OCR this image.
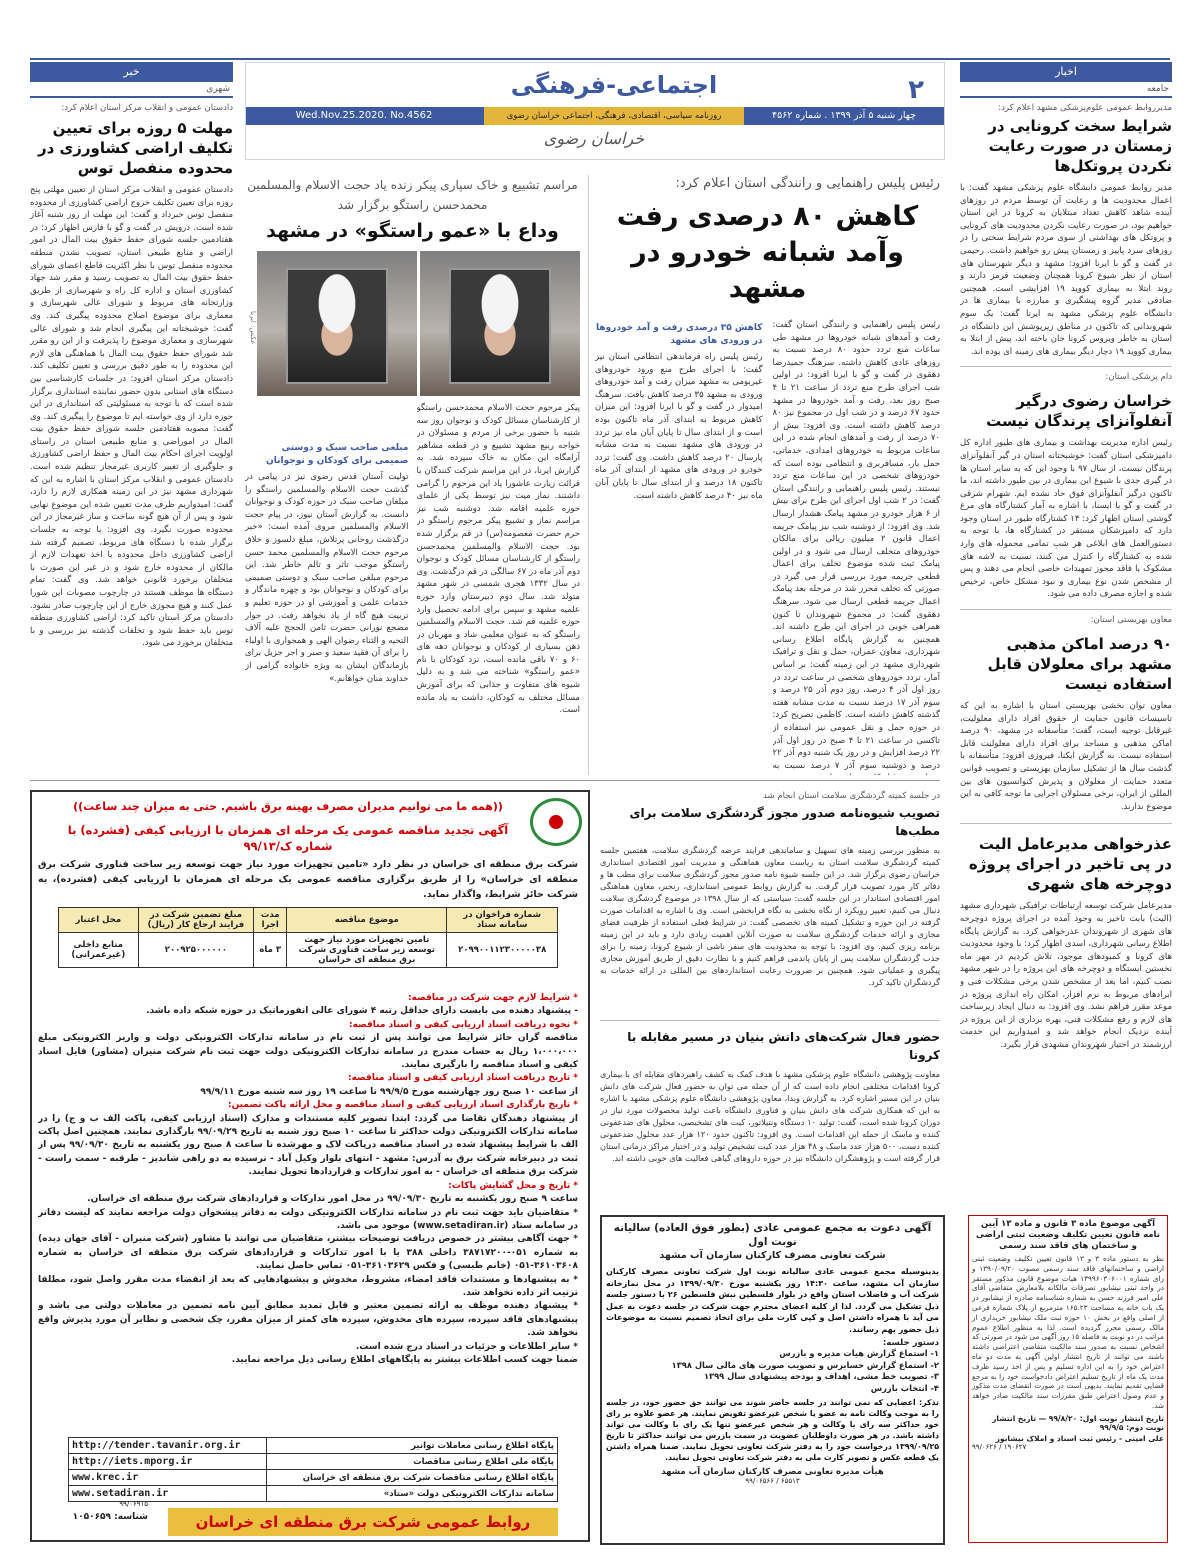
۲
اجتماعی-فرهنگی
چهار شنبه ۵ آذر ۱۳۹۹ . شماره ۴۵۶۲
روزنامه سیاسی، اقتصادی، فرهنگی، اجتماعی خراسان رضوی
Wed.Nov.25.2020. No.4562
خراسان رضوی
اخبار
جامعه
مدیرروابط عمومی علوم‌پزشکی مشهد اعلام کرد:
شرایط سخت کرونایی در زمستان در صورت رعایت نکردن پروتکل‌ها
مدیر روابط عمومی دانشگاه علوم پزشکی مشهد گفت: با اعمال محدودیت ها و رعایت آن توسط مردم در روزهای آینده شاهد کاهش تعداد مبتلایان به کرونا در این استان خواهیم بود، در صورت رعایت نکردن محدودیت های کرونایی و پروتکل های بهداشتی از سوی مردم شرایط سختی را در روزهای سرد پاییز و زمستان پیش رو خواهیم داشت. رحیمی در گفت و گو با ایرنا افزود: مشهد و دیگر شهرستان های استان از نظر شیوع کرونا همچنان وضعیت قرمز دارند و روند ابتلا به بیماری کووید ۱۹ افزایشی است. همچنین ضادقی مدیر گروه پیشگیری و مبارزه با بیماری ها در دانشگاه علوم پزشکی مشهد به ایرنا گفت: یک سوم شهروندانی که تاکنون در مناطق زیرپوشش این دانشگاه در استان به خاطر ویروس کرونا جان باخته اند، پیش از ابتلا به بیماری کووید ۱۹ دچار دیگر بیماری های زمینه ای بوده اند.
دام پزشکی استان:
خراسان رضوی درگیر آنفلوآنزای پرندگان نیست
رئیس اداره مدیریت بهداشت و بیماری های طیور اداره کل دامپزشکی استان گفت: خوشبختانه استان در گیر آنفلوآنزای پرندگان نیست، از سال ۹۷ با وجود این که به سایر استان ها در گیری جدی با شیوع این بیماری در بین طیور داشته اند، ما تاکنون درگیر آنفلوآنزای فوق حاد نشده ایم. شهرام شرقی در گفت و گو با ایسنا، با اشاره به آمار کشتارگاه های مرغ گوشتی استان اظهار کرد: ۱۴ کشتارگاه طیور در استان وجود دارد که دامپزشکان مستقر در کشتارگاه ها، با توجه به دستورالعمل های ابلاغی هر شب تمامی محموله های وارد شده به کشتارگاه را کنترل می کنند، نسبت به لاشه های مشکوک یا فاقد مجوز تمهیدات خاصی انجام می دهند و پس از مشخص شدن نوع بیماری و نبود مشکل خاص، ترخیص شده و اجازه مصرف داده می شود.
معاون بهزیستی استان:
۹۰ درصد اماکن مذهبی مشهد برای معلولان قابل استفاده نیست
معاون توان بخشی بهزیستی استان با اشاره به این که تاسیسات قانون حمایت از حقوق افراد دارای معلولیت، غیرقابل توجیه است، گفت: متأسفانه در مشهد، ۹۰ درصد اماکن مذهبی و مساجد برای افراد دارای معلولیت قابل استفاده نیست. به گزارش ایکنا، فیروزی افزود: متأسفانه با گذشت سال ها از تشکیل سازمان بهزیستی و تصویب قوانین متعدد حمایت از معلولان و پذیرش کنوانسیون های بین المللی از ایران، برخی مسئولان اجرایی ما توجه کافی به این موضوع ندارند.
عذرخواهی مدیرعامل الیت در پی تاخیر در اجرای پروژه دوچرخه های شهری
مدیرعامل شرکت توسعه ارتباطات ترافیکی شهرداری مشهد (الیت) بابت تاخیر به وجود آمده در اجرای پروژه دوچرخه های شهری از شهروندان عذرخواهی کرد. به گزارش پایگاه اطلاع رسانی شهرداری، اسدی اظهار کرد: با وجود محدودیت های کرونا و کمبودهای موجود، تلاش کردیم در مهر ماه نخستین ایستگاه و دوچرخه های این پروژه را در شهر مشهد نصب کنیم، اما بعد از مشخص شدن برخی مشکلات فنی و ایرادهای مربوط به نرم افزار، امکان راه اندازی پروژه در موعد مقرر فراهم نشد. وی افزود: به دنبال ایجاد زیرساخت های لازم و رفع مشکلات فنی، بهره برداری از این پروژه در آینده نزدیک انجام خواهد شد و امیدواریم این خدمت ارزشمند در اختیار شهروندان مشهدی قرار بگیرد.
آگهی موضوع ماده ۳ قانون و ماده ۱۳ آیین نامه قانون تعیین تکلیف وضعیت ثبتی اراضی و ساختمان های فاقد سند رسمی
نظر به دستور ماده ۳ و ۱۳ قانون تعیین تکلیف وضعیت ثبتی اراضی و ساختمانهای فاقد سند رسمی مصوب ۱۳۹۰/۰۹/۲۰ و رای شماره ۱۳۹۹۶۰۳۰۶۰۰۱ هیات موضوع قانون مذکور مستقر در واحد ثبتی نیشابور تصرفات مالکانه بلامعارض متقاضی آقای علی امیر فرزند حسن به شماره شناسنامه صادره از نیشابور در یک باب خانه به مساحت ۱۶۵.۲۳ مترمربع از پلاک شماره فرعی از اصلی واقع در بخش ۱۰ حوزه ثبت ملک نیشابور خریداری از مالک رسمی محرز گردیده است. لذا به منظور اطلاع عموم مراتب در دو نوبت به فاصله ۱۵ روز آگهی می شود در صورتی که اشخاص نسبت به صدور سند مالکیت متقاضی اعتراضی داشته باشند می توانند از تاریخ انتشار اولین آگهی به مدت دو ماه اعتراض خود را به این اداره تسلیم و پس از اخذ رسید ظرف مدت یک ماه از تاریخ تسلیم اعتراض دادخواست خود را به مرجع قضایی تقدیم نمایند. بدیهی است در صورت انقضای مدت مذکور و عدم وصول اعتراض طبق مقررات سند مالکیت صادر خواهد شد.
تاریخ انتشار نوبت اول: ۹۹/۸/۲۰ — تاریخ انتشار نوبت دوم: ۹۹/۹/۵
علی امینی - رئیس ثبت اسناد و املاک نیشابور
۹۹/۰۶۲۶ / ۱۹۰۶۲۷
خبر
شهری
دادستان عمومی و انقلاب مرکز استان اعلام کرد:
مهلت ۵ روزه برای تعیین تکلیف اراضی کشاورزی در محدوده منفصل توس
دادستان عمومی و انقلاب مرکز استان از تعیین مهلتی پنج روزه برای تعیین تکلیف خروج اراضی کشاورزی از محدوده منفصل توس خبرداد و گفت: این مهلت از روز شنبه آغاز شده است. درویش در گفت و گو با فارس اظهار کرد: در هفتادمین جلسه شورای حفظ حقوق بیت المال در امور اراضی و منابع طبیعی استان، تصویب نشدن منطقه محدوده منفصل توس با نظر اکثریت قاطع اعضای شورای حفظ حقوق بیت المال به تصویب رسید و مقرر شد جهاد کشاورزی استان و اداره کل راه و شهرسازی از طریق وزارتخانه های مربوط و شورای عالی شهرسازی و معماری برای موضوع اصلاح محدوده پیگیری کند. وی گفت: خوشبختانه این پیگیری انجام شد و شورای عالی شهرسازی و معماری موضوع را پذیرفت و از این رو مقرر شد شورای حفظ حقوق بیت المال با هماهنگی های لازم این محدوده را به طور دقیق بررسی و تعیین تکلیف کند. دادستان مرکز استان افزود: در جلسات کارشناسی بین دستگاه های استانی بدون حضور نماینده استانداری برگزار شده است که با توجه به مسئولیتی که استانداری در این حوزه دارد از وی خواسته ایم تا موضوع را پیگیری کند. وی گفت: مصوبه هفتادمین جلسه شورای حفظ حقوق بیت المال در اموراضی و منابع طبیعی استان در راستای اولویت اجرای احکام بیت المال و حفظ اراضی کشاورزی و جلوگیری از تغییر کاربری غیرمجاز تنظیم شده است. دادستان عمومی و انقلاب مرکز استان با اشاره به این که شهرداری مشهد نیز در این زمینه همکاری لازم را دارد، گفت: امیدواریم ظرف مدت تعیین شده این موضوع نهایی شود و پس از آن هیچ گونه ساخت و ساز غیرمجاز در این محدوده صورت نگیرد. وی افزود: با توجه به جلسات برگزار شده با دستگاه های مربوط، تصمیم گرفته شد اراضی کشاورزی داخل محدوده با اخذ تعهدات لازم از مالکان از محدوده خارج شود و در غیر این صورت با متخلفان برخورد قانونی خواهد شد. وی گفت: تمام دستگاه ها موظف هستند در چارچوب مصوبات این شورا عمل کنند و هیچ مجوزی خارج از این چارچوب صادر نشود. دادستان مرکز استان تاکید کرد: اراضی کشاورزی منطقه توس باید حفظ شود و تخلفات گذشته نیز بررسی و با متخلفان برخورد می شود.
رئیس پلیس راهنمایی و رانندگی استان اعلام کرد:
کاهش ۸۰ درصدی رفت وآمد شبانه خودرو در مشهد
رئیس پلیس راهنمایی و رانندگی استان گفت: رفت و آمدهای شبانه خودروها در مشهد طی ساعات منع تردد حدود ۸۰ درصد نسبت به روزهای عادی کاهش داشته. سرهنگ حمیدرضا دهقوی در گفت و گو با ایرنا افزود: در اولین شب اجرای طرح منع تردد از ساعت ۲۱ تا ۴ صبح روز بعد، رفت و آمد خودروها در مشهد حدود ۶۷ درصد و در شب اول در مجموع نیز ۸۰ درصد کاهش داشته است. وی افزود: بیش از ۷۰ درصد از رفت و آمدهای انجام شده در این ساعات مربوط به خودروهای امدادی، خدماتی، حمل بار، مسافربری و انتظامی بوده است که خودروهای شخصی در این ساعات منع تردد نیستند. رئیس پلیس راهنمایی و رانندگی استان گفت: در ۲ شب اول اجرای این طرح برای بیش از ۶ هزار خودرو در مشهد پیامک هشدار ارسال شد. وی افزود: از دوشنبه شب نیز پیامک جریمه اعمال قانون ۲ میلیون ریالی برای مالکان خودروهای متخلف ارسال می شود و در اولین پیامک ثبت شده موضوع تخلف برای اعمال قطعی جریمه مورد بررسی قرار می گیرد در صورتی که تخلف محرز شد در مرحله بعد پیامک اعمال جریمه قطعی ارسال می شود. سرهنگ دهقوی گفت: در مجموع شهروندان تا کنون همراهی خوبی در اجرای این طرح داشته اند. همچنین به گزارش پایگاه اطلاع رسانی شهرداری، معاون عمران، حمل و نقل و ترافیک شهرداری مشهد در این زمینه گفت: بر اساس آمار، تردد خودروهای شخصی در ساعت تردد در روز اول آذر ۴ درصد، روز دوم آذر ۲۵ درصد و سوم آذر ۱۷ درصد نسبت به مدت مشابه هفته گذشته کاهش داشته است. کاظمی تصریح کرد: در حوزه حمل و نقل عمومی نیز استفاده از تاکسی در ساعت ۲۱ تا ۴ صبح در روز اول آذر ۲۲ درصد افزایش و در روز یک شنبه دوم آذر ۲۲ درصد و دوشنبه سوم آذر ۷ درصد نسبت به
کاهش ۳۵ درصدی رفت و آمد خودروها در ورودی های مشهد
رئیس پلیس راه فرماندهی انتظامی استان نیز گفت: با اجرای طرح منع ورود خودروهای غیربومی به مشهد میزان رفت و آمد خودروهای ورودی به مشهد ۳۵ درصد کاهش یافت. سرهنگ امیدوار در گفت و گو با ایرنا افزود: این میزان کاهش مربوط به ابتدای آذر ماه تاکنون بوده است و از ابتدای سال تا پایان آبان ماه نیز تردد در ورودی های مشهد نسبت به مدت مشابه پارسال ۲۰ درصد کاهش داشت. وی گفت: تردد خودرو در ورودی های مشهد از ابتدای آذر ماه تاکنون ۱۸ درصد و از ابتدای سال تا پایان آبان ماه نیز ۴۰ درصد کاهش داشته است.
مراسم تشییع و خاک سپاری پیکر زنده یاد حجت الاسلام والمسلمین محمدحسن راستگو برگزار شد
وداع با «عمو راستگو» در مشهد
عکس: ایرنا
پیکر مرحوم حجت الاسلام محمدحسن راستگو از کارشناسان مسائل کودک و نوجوان روز سه شنبه با حضور برخی از مردم و مسئولان در خواجه ربیع مشهد تشییع و در قطعه مشاهیر آرامگاه این مکان به خاک سپرده شد. به گزارش ایرنا، در این مراسم شرکت کنندگان با قرائت زیارت عاشورا یاد این مرحوم را گرامی داشتند. نماز میت نیز توسط یکی از علمای حوزه علمیه اقامه شد. دوشنبه شب نیز مراسم نماز و تشییع پیکر مرحوم راستگو در حرم حضرت معصومه(س) در قم برگزار شده بود. حجت الاسلام والمسلمین محمدحسن راستگو از کارشناسان مسائل کودک و نوجوان دوم آذر ماه در ۶۷ سالگی در قم درگذشت. وی در سال ۱۳۳۲ هجری شمسی در شهر مشهد متولد شد. سال دوم دبیرستان وارد حوزه علمیه مشهد و سپس برای ادامه تحصیل وارد حوزه علمیه قم شد. حجت الاسلام والمسلمین راستگو که به عنوان معلمی شاد و مهربان در ذهن بسیاری از کودکان و نوجوانان دهه های ۶۰ و ۷۰ باقی مانده است، نزد کودکان با نام «عمو راستگو» شناخته می شد و به دلیل شیوه های متفاوت و جذابی که برای آموزش مسائل مختلف به کودکان، داشت به یاد مانده است.
مبلغی صاحب سبک و دوستی صمیمی برای کودکان و نوجوانان
تولیت آستان قدس رضوی نیز در پیامی در گذشت حجت الاسلام والمسلمین راستگو را مبلغان صاحب سبک در حوزه کودک و نوجوانان دانست. به گزارش آستان نیوز، در پیام حجت الاسلام والمسلمین مروی آمده است: «خبر درگذشت روحانی پرتلاش، مبلغ دلسوز و خلاق مرحوم حجت الاسلام والمسلمین محمد حسن راستگو موجب تاثر و تالم خاطر شد. این مرحوم مبلغی صاحب سبک و دوستی صمیمی برای کودکان و نوجوانان بود و چهره ماندگار و خدمات علمی و آموزشی او در حوزه تعلیم و تربیت هیچ گاه از یاد نخواهد رفت. در جوار مضجع نورانی حضرت ثامن الحجج علیه آلاف التحیه و الثناء رضوان الهی و همجواری با اولیاء را برای آن فقید سعید و صبر و اجر جزیل برای بازماندگان ایشان به ویژه خانواده گرامی از خداوند منان خواهانم.»
در جلسه کمیته گردشگری سلامت استان انجام شد
تصویب شیوه‌نامه صدور مجوز گردشگری سلامت برای مطب‌ها
به منظور بررسی زمینه های تسهیل و ساماندهی فرایند عرضه گردشگری سلامت، هفتمین جلسه کمیته گردشگری سلامت استان به ریاست معاون هماهنگی و مدیریت امور اقتصادی استانداری خراسان رضوی برگزار شد. در این جلسه شیوه نامه صدور مجوز گردشگری سلامت برای مطب ها و دفاتر کار مورد تصویب قرار گرفت. به گزارش روابط عمومی استانداری، رنجبر، معاون هماهنگی امور اقتصادی استاندار در این جلسه گفت: سیاستی که از سال ۱۳۹۸ در موضوع گردشگری سلامت دنبال می کنیم، تغییر رویکرد از نگاه بخشی به نگاه فرابخشی است. وی با اشاره به اقدامات صورت گرفته در این حوزه و تشکیل کمیته های تخصصی گفت: در شرایط فعلی استفاده از ظرفیت فضای مجازی و ارائه خدمات گردشگری سلامت به صورت آنلاین اهمیت زیادی دارد و باید در این زمینه برنامه ریزی کنیم. وی افزود: با توجه به محدودیت های سفر ناشی از شیوع کرونا، زمینه را برای جذب گردشگران سلامت پس از پایان پاندمی فراهم کنیم و با نظارت دقیق از طریق آموزش مجازی پیگیری و عملیاتی شود. همچنین بر ضرورت رعایت استانداردهای بین المللی در ارائه خدمات به گردشگران تاکید کرد.
حضور فعال شرکت‌های دانش بنیان در مسیر مقابله با کرونا
معاونت پژوهشی دانشگاه علوم پزشکی مشهد با هدف کمک به کشف راهبردهای مقابله ای با بیماری کرونا اقدامات مختلفی انجام داده است که از آن جمله می توان به حضور فعال شرکت های دانش بنیان در این مسیر اشاره کرد. به گزارش وبدا، معاون پژوهشی دانشگاه علوم پزشکی مشهد با اشاره به این که همکاری شرکت های دانش بنیان و فناوری دانشگاه باعث تولید محصولات مورد نیاز در دوران کرونا شده است، گفت: تولید ۱۰ دستگاه ونتیلاتور، کیت های تشخیصی، محلول های ضدعفونی کننده و ماسک از جمله این اقدامات است. وی افزود: تاکنون حدود ۱۲۰ هزار عدد محلول ضدعفونی کننده دست، ۵۰۰ هزار عدد ماسک و ۴۸ هزار عدد کیت تشخیص تولید و در اختیار مراکز درمانی استان قرار گرفته است و پژوهشگران دانشگاه نیز در حوزه داروهای گیاهی فعالیت های خوبی داشته اند.
آگهی دعوت به مجمع عمومی عادی (بطور فوق العاده) سالیانه نوبت اول
شرکت تعاونی مصرف کارکنان سازمان آب مشهد
بدینوسیله مجمع عمومی عادی سالیانه نوبت اول شرکت تعاونی مصرف کارکنان سازمان آب مشهد، ساعت ۱۴:۳۰ روز یکشنبه مورخ ۱۳۹۹/۰۹/۳۰ در محل نمازخانه شرکت آب و فاضلاب استان واقع در بلوار فلسطین نبش فلسطین ۲۶ با دستور جلسه ذیل تشکیل می گردد. لذا از کلیه اعضای محترم جهت شرکت در جلسه دعوت به عمل می آید با همراه داشتن اصل و کپی کارت ملی برای اتخاذ تصمیم نسبت به موضوعات ذیل حضور بهم رسانند.
دستور جلسه:
۱- استماع گزارش هیات مدیره و بازرس
۲- استماع گزارش حسابرس و تصویب صورت های مالی سال ۱۳۹۸
۳- تصویب خط مشی، اهداف و بودجه پیشنهادی سال ۱۳۹۹
۴- انتخاب بازرس
تذکر: اعضایی که نمی توانند در جلسه حاضر شوند می توانند حق حضور خود، در جلسه را به موجب وکالت نامه به عضو یا شخص غیرعضو تفویض نمایند. هر عضو علاوه بر رای خود حداکثر سه رای با وکالت و هر شخص غیرعضو تنها یک رای با وکالت می تواند داشته باشد. در هر صورت داوطلبان عضویت در سمت بازرس می توانند حداکثر تا تاریخ ۱۳۹۹/۰۹/۲۵ درخواست خود را به دفتر شرکت تعاونی تحویل نمایند. ضمنا همراه داشتن یک قطعه عکس و تصویر کارت ملی به دفتر شرکت تعاونی تحویل نمایند.
هیأت مدیره تعاونی مصرف کارکنان سازمان آب مشهد
۹۹/۰۶۵۶۶ / ۶۵۵۱۳
((همه ما می توانیم مدیران مصرف بهینه برق باشیم. حتی به میزان چند ساعت))
آگهی تجدید مناقصه عمومی یک مرحله ای همزمان با ارزیابی کیفی (فشرده) با شماره ک/۹۹/۱۳
شرکت برق منطقه ای خراسان در نظر دارد «تامین تجهیزات مورد نیاز جهت توسعه زیر ساخت فناوری شرکت برق منطقه ای خراسان» را از طریق برگزاری مناقصه عمومی یک مرحله ای همزمان با ارزیابی کیفی (فشرده)، به شرکت حائز شرایط، واگذار نماید.
شماره فراخوان در سامانه ستاد	موضوع مناقصه	مدت اجرا	مبلغ تضمین شرکت در فرایند ارجاع کار (ریال)	محل اعتبار
۲۰۹۹۰۰۱۱۲۳۰۰۰۰۰۳۸	تامین تجهیزات مورد نیاز جهت توسعه زیر ساخت فناوری شرکت برق منطقه ای خراسان	۳ ماه	۲۰۰۹۲۵۰۰۰۰۰۰	منابع داخلی (غیرعمرانی)
* شرایط لازم جهت شرکت در مناقصه:
- پیشنهاد دهنده می بایست دارای حداقل رتبه ۴ شورای عالی انفورماتیک در حوزه شبکه داده باشد.
* نحوه دریافت اسناد ارزیابی کیفی و اسناد مناقصه:
مناقصه گران حائز شرایط می توانند پس از ثبت نام در سامانه تدارکات الکترونیکی دولت و واریز الکترونیکی مبلغ ۱،۰۰۰،۰۰۰ ریال به حساب مندرج در سامانه تدارکات الکترونیکی دولت جهت ثبت نام شرکت منیران (مشاور) فایل اسناد کیفی و اسناد مناقصه را بارگیری نمایند.
* تاریخ دریافت اسناد ارزیابی کیفی و اسناد مناقصه:
از ساعت ۱۰ صبح روز چهارشنبه مورخ ۹۹/۹/۵ تا ساعت ۱۹ روز سه شنبه مورخ ۹۹/۹/۱۱
* تاریخ بارگذاری اسناد ارزیابی کیفی و اسناد مناقصه و محل ارائه پاکت تضمین:
از پیشنهاد دهندگان تقاضا می گردد: ابتدا تصویر کلیه مستندات و مدارک (اسناد ارزیابی کیفی، پاکت الف ب و ج) را در سامانه تدارکات الکترونیکی دولت حداکثر تا ساعت ۱۰ صبح روز شنبه به تاریخ ۹۹/۰۹/۲۹ بارگذاری نمایند. همچنین اصل پاکت الف با شرایط پیشنهاد شده در اسناد مناقصه درپاکت لاک و مهرشده تا ساعت ۸ صبح روز یکشنبه به تاریخ ۹۹/۰۹/۳۰ پس از ثبت در دبیرخانه شرکت برق به آدرس: مشهد - انتهای بلوار وکیل آباد - نرسیده به دو راهی شاندیز - طرقبه - سمت راست - شرکت برق منطقه ای خراسان - به امور تدارکات و قراردادها تحویل نمایند.
* تاریخ و محل گشایش پاکات:
ساعت ۹ صبح روز یکشنبه به تاریخ ۹۹/۰۹/۳۰ در محل امور تدارکات و قراردادهای شرکت برق منطقه ای خراسان.
* متقاضیان باید جهت ثبت نام در سامانه تدارکات الکترونیکی دولت به دفاتر پیشخوان دولت مراجعه نمایند که لیست دفاتر در سامانه ستاد (www.setadiran.ir) موجود می باشد.
* جهت آگاهی بیشتر در خصوص دریافت توضیحات بیشتر، متقاضیان می توانند با مشاور (شرکت منیران - آقای جهان دیده) به شماره ۰۵۱-۳۸۷۱۷۲۰۰ داخلی ۳۸۸ یا با امور تدارکات و قراردادهای شرکت برق منطقه ای خراسان به شماره ۳۶۱۰۳۶۰۸-۰۵۱ (خانم طبسی) و فکس ۳۶۱۰۳۶۲۹-۰۵۱ تماس حاصل نمایند.
* به پیشنهادها و مستندات فاقد امضاء، مشروط، مخدوش و پیشنهادهایی که بعد از انقضاء مدت مقرر واصل شود، مطلقا ترتیب اثر داده نخواهد شد.
* پیشنهاد دهنده موظف به ارائه تضمین معتبر و قابل تمدید مطابق آیین نامه تضمین در معاملات دولتی می باشد و پیشنهادهای فاقد سپرده، سپرده های مخدوش، سپرده های کمتر از میزان مقرر، چک شخصی و نظایر آن مورد پذیرش واقع نخواهد شد.
* سایر اطلاعات و جزئیات در اسناد درج شده است.
ضمنا جهت کسب اطلاعات بیشتر به پایگاههای اطلاع رسانی ذیل مراجعه نمایید.
پایگاه اطلاع رسانی معاملات توانیر	http://tender.tavanir.org.ir
پایگاه ملی اطلاع رسانی مناقصات	http://iets.mporg.ir
پایگاه اطلاع رسانی مناقصات شرکت برق منطقه ای خراسان	www.krec.ir
سامانه تدارکات الکترونیکی دولت «ستاد»	www.setadiran.ir
شناسه: ۱۰۵۰۶۵۹
۹۹/۰۶۹۱۵
روابط عمومی شرکت برق منطقه ای خراسان
